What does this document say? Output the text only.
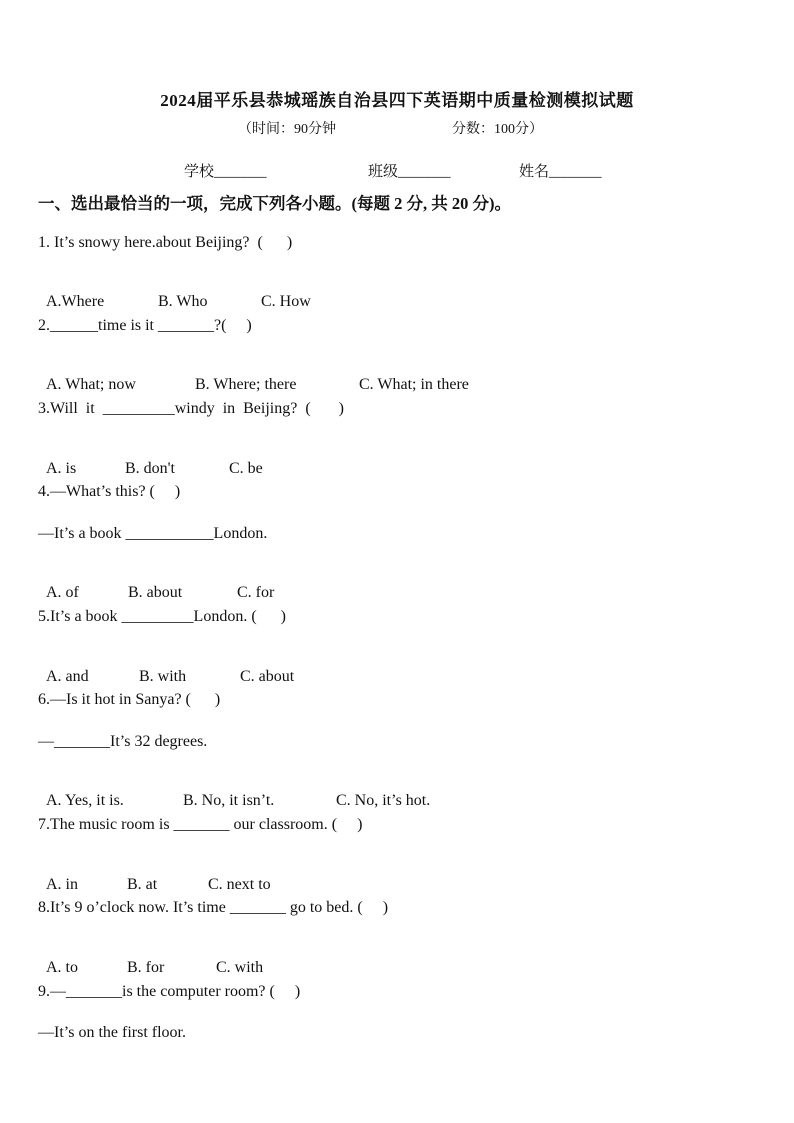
2024届平乐县恭城瑶族自治县四下英语期中质量检测模拟试题
（时间：90分钟	分数：100分）
学校_______	班级_______	姓名_______
一、选出最恰当的一项，完成下列各小题。(每题 2 分, 共 20 分)。
1. It’s snowy here.about Beijing?  (      )

A.Where	B. Who	C. How

2.______time is it _______?(     )

A. What; now	B. Where; there	C. What; in there

3.Will  it  _________windy  in  Beijing?  (       )

A. is	B. don't	C. be

4.—What’s this? (     )
—It’s a book ___________London.

A. of	B. about	C. for

5.It’s a book _________London. (      )

A. and	B. with	C. about

6.—Is it hot in Sanya? (      )
—_______It’s 32 degrees.

A. Yes, it is.	B. No, it isn’t.	C. No, it’s hot.

7.The music room is _______ our classroom. (     )

A. in	B. at	C. next to

8.It’s 9 o’clock now. It’s time _______ go to bed. (     )

A. to	B. for	C. with

9.—_______is the computer room? (     )
—It’s on the first floor.
